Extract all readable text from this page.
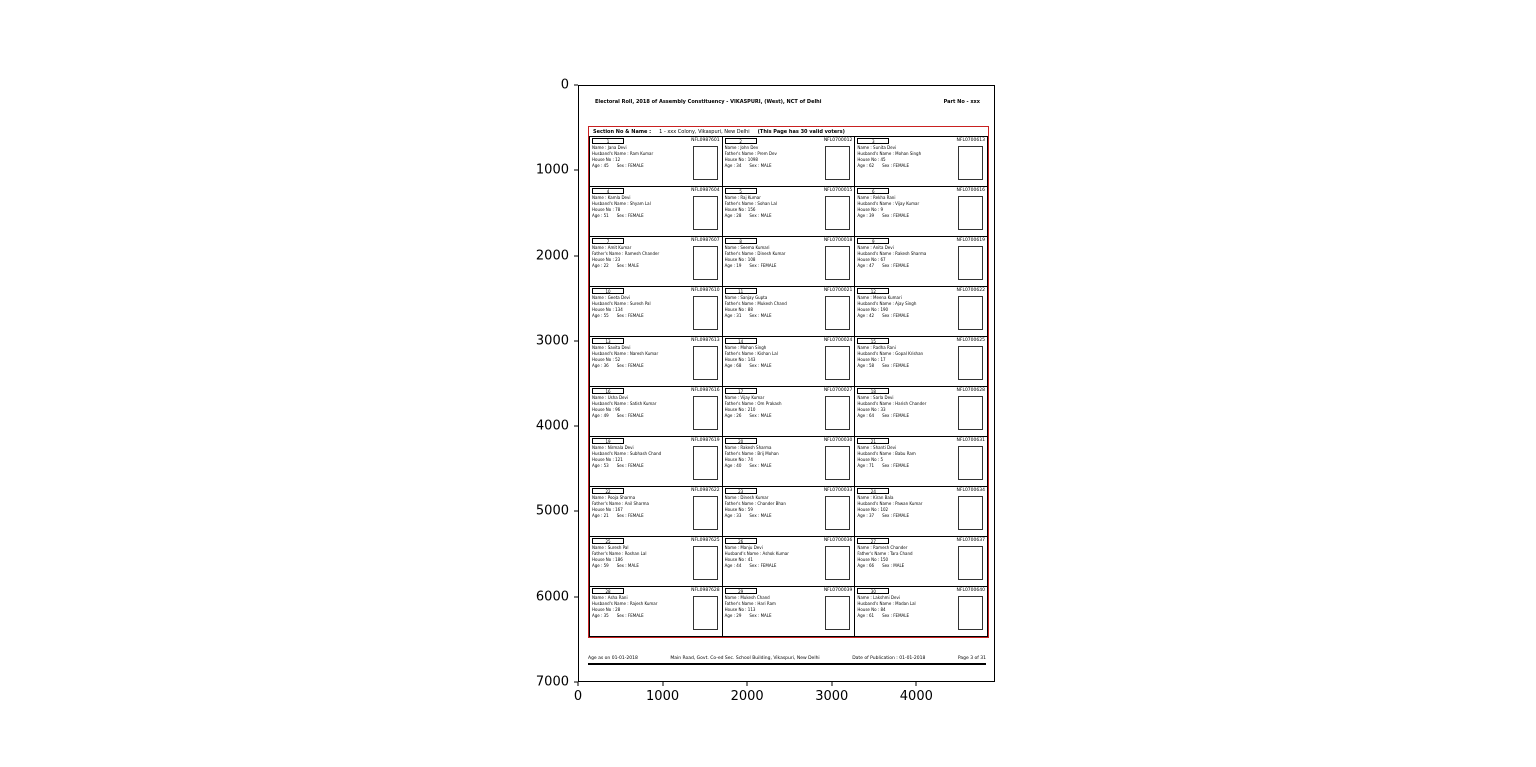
0
1000
2000
3000
4000
5000
6000
7000
0	1000	2000	3000	4000
Electoral Roll, 2018 of Assembly Constituency - VIKASPURI, (West), NCT of Delhi	Part No - xxx
Section No & Name : 1 - xxx Colony, Vikaspuri, New Delhi (This Page has 30 valid voters)
1	NFL0987601
Name : Jana Devi
Husband's Name : Ram Kumar
House No : 12
Age : 45 Sex : FEMALE
2	NFL0700012
Name : John Dev
Father's Name : Prem Dev
House No : 1098
Age : 34 Sex : MALE
3	NFL0700613
Name : Sunita Devi
Husband's Name : Mohan Singh
House No : 45
Age : 62 Sex : FEMALE
4	NFL0987604
Name : Kamla Devi
Husband's Name : Shyam Lal
House No : 78
Age : 51 Sex : FEMALE
5	NFL0700015
Name : Raj Kumar
Father's Name : Sohan Lal
House No : 156
Age : 28 Sex : MALE
6	NFL0700616
Name : Rekha Rani
Husband's Name : Vijay Kumar
House No : 9
Age : 39 Sex : FEMALE
7	NFL0987607
Name : Amit Kumar
Father's Name : Ramesh Chander
House No : 23
Age : 22 Sex : MALE
8	NFL0700018
Name : Seema Kumari
Father's Name : Dinesh Kumar
House No : 108
Age : 19 Sex : FEMALE
9	NFL0700619
Name : Anita Devi
Husband's Name : Rakesh Sharma
House No : 67
Age : 47 Sex : FEMALE
10	NFL0987610
Name : Geeta Devi
Husband's Name : Suresh Pal
House No : 134
Age : 55 Sex : FEMALE
11	NFL0700021
Name : Sanjay Gupta
Father's Name : Mukesh Chand
House No : 88
Age : 31 Sex : MALE
12	NFL0700622
Name : Meena Kumari
Husband's Name : Ajay Singh
House No : 190
Age : 42 Sex : FEMALE
13	NFL0987613
Name : Savita Devi
Husband's Name : Naresh Kumar
House No : 52
Age : 36 Sex : FEMALE
14	NFL0700024
Name : Mohan Singh
Father's Name : Kishan Lal
House No : 143
Age : 68 Sex : MALE
15	NFL0700625
Name : Radha Rani
Husband's Name : Gopal Krishan
House No : 17
Age : 58 Sex : FEMALE
16	NFL0987616
Name : Usha Devi
Husband's Name : Satish Kumar
House No : 96
Age : 49 Sex : FEMALE
17	NFL0700027
Name : Vijay Kumar
Father's Name : Om Prakash
House No : 210
Age : 26 Sex : MALE
18	NFL0700628
Name : Sarla Devi
Husband's Name : Harish Chander
House No : 33
Age : 64 Sex : FEMALE
19	NFL0987619
Name : Nirmala Devi
Husband's Name : Subhash Chand
House No : 121
Age : 53 Sex : FEMALE
20	NFL0700030
Name : Rakesh Sharma
Father's Name : Brij Mohan
House No : 74
Age : 40 Sex : MALE
21	NFL0700631
Name : Shanti Devi
Husband's Name : Babu Ram
House No : 5
Age : 71 Sex : FEMALE
22	NFL0987622
Name : Pooja Sharma
Father's Name : Anil Sharma
House No : 167
Age : 21 Sex : FEMALE
23	NFL0700033
Name : Dinesh Kumar
Father's Name : Chander Bhan
House No : 59
Age : 33 Sex : MALE
24	NFL0700634
Name : Kiran Bala
Husband's Name : Pawan Kumar
House No : 102
Age : 37 Sex : FEMALE
25	NFL0987625
Name : Suresh Pal
Father's Name : Roshan Lal
House No : 186
Age : 59 Sex : MALE
26	NFL0700036
Name : Manju Devi
Husband's Name : Ashok Kumar
House No : 41
Age : 44 Sex : FEMALE
27	NFL0700637
Name : Ramesh Chander
Father's Name : Tara Chand
House No : 150
Age : 66 Sex : MALE
28	NFL0987628
Name : Asha Rani
Husband's Name : Rajesh Kumar
House No : 28
Age : 35 Sex : FEMALE
29	NFL0700039
Name : Mukesh Chand
Father's Name : Hari Ram
House No : 113
Age : 29 Sex : MALE
30	NFL0700640
Name : Lakshmi Devi
Husband's Name : Madan Lal
House No : 84
Age : 61 Sex : FEMALE
Age as on 01-01-2018	Main Road, Govt. Co-ed Sec. School Building, Vikaspuri, New Delhi	Date of Publication : 01-01-2018	Page 3 of 31
